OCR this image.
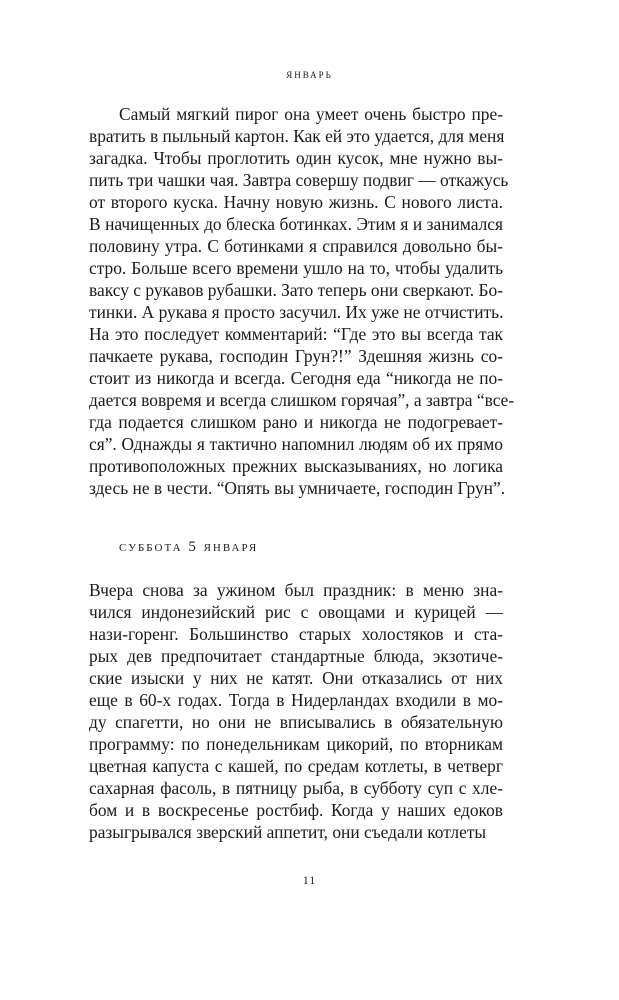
январь
Самый мягкий пирог она умеет очень быстро пре-
вратить в пыльный картон. Как ей это удается, для меня
загадка. Чтобы проглотить один кусок, мне нужно вы-
пить три чашки чая. Завтра совершу подвиг — откажусь
от второго куска. Начну новую жизнь. С нового листа.
В начищенных до блеска ботинках. Этим я и занимался
половину утра. С ботинками я справился довольно бы-
стро. Больше всего времени ушло на то, чтобы удалить
ваксу с рукавов рубашки. Зато теперь они сверкают. Бо-
тинки. А рукава я просто засучил. Их уже не отчистить.
На это последует комментарий: “Где это вы всегда так
пачкаете рукава, господин Грун?!” Здешняя жизнь со-
стоит из никогда и всегда. Сегодня еда “никогда не по-
дается вовремя и всегда слишком горячая”, а завтра “все-
гда подается слишком рано и никогда не подогревает-
ся”. Однажды я тактично напомнил людям об их прямо
противоположных прежних высказываниях, но логика
здесь не в чести. “Опять вы умничаете, господин Грун”.
суббота 5 января
Вчера снова за ужином был праздник: в меню зна-
чился индонезийский рис с овощами и курицей —
нази-горенг. Большинство старых холостяков и ста-
рых дев предпочитает стандартные блюда, экзотиче-
ские изыски у них не катят. Они отказались от них
еще в 60-х годах. Тогда в Нидерландах входили в мо-
ду спагетти, но они не вписывались в обязательную
программу: по понедельникам цикорий, по вторникам
цветная капуста с кашей, по средам котлеты, в четверг
сахарная фасоль, в пятницу рыба, в субботу суп с хле-
бом и в воскресенье ростбиф. Когда у наших едоков
разыгрывался зверский аппетит, они съедали котлеты
11
